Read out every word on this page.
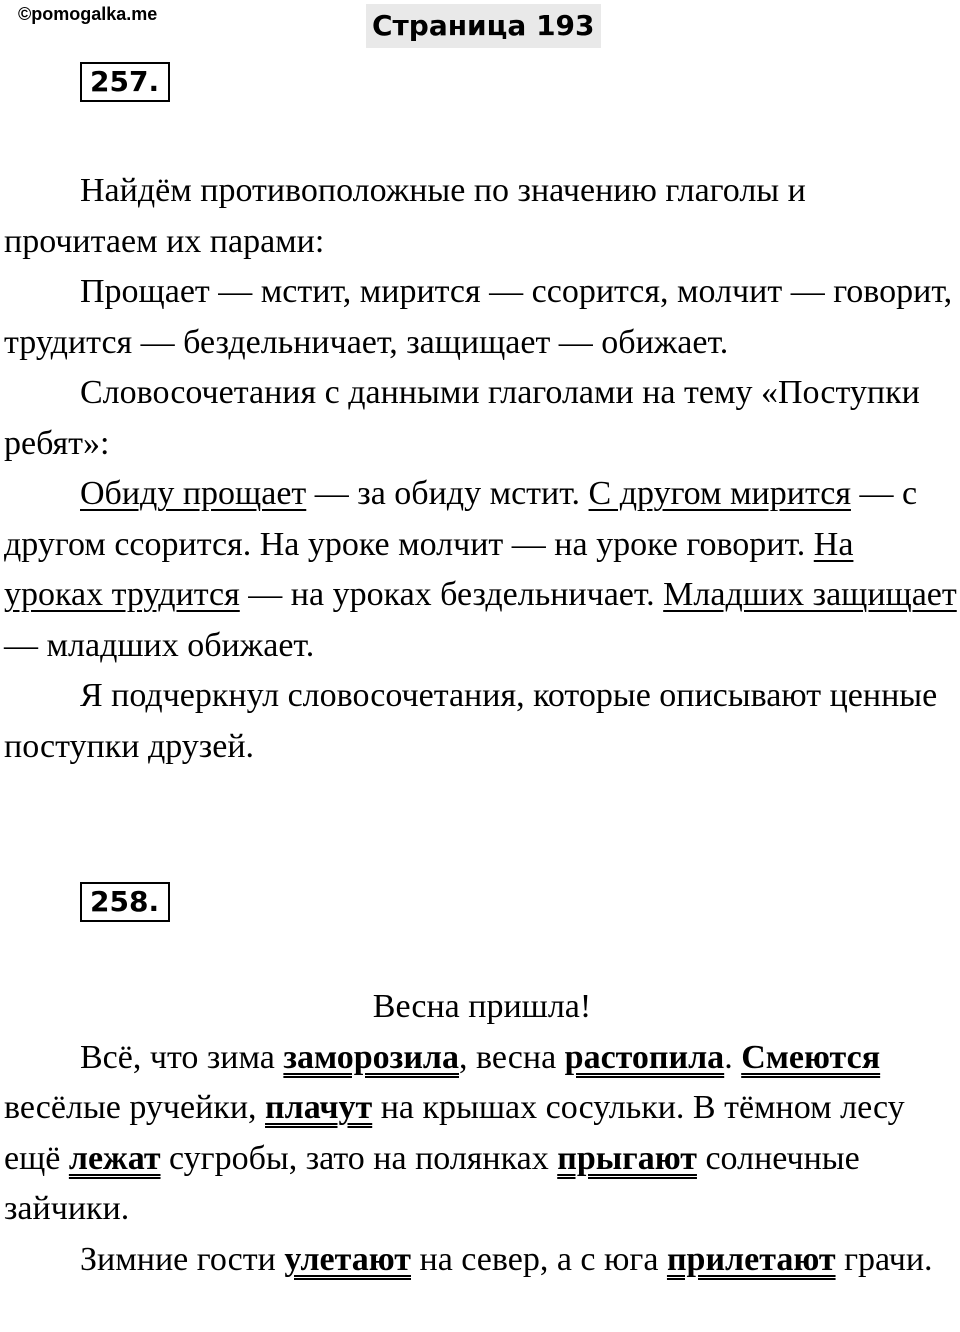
©pomogalka.me	Страница 193
257.

Найдём противоположные по значению глаголы и прочитаем их парами:

Прощает — мстит, мирится — ссорится, молчит — говорит, трудится — бездельничает, защищает — обижает.

Словосочетания с данными глаголами на тему «Поступки ребят»:

Обиду прощает — за обиду мстит. С другом мирится — с другом ссорится. На уроке молчит — на уроке говорит. На уроках трудится — на уроках бездельничает. Младших защищает — младших обижает.

Я подчеркнул словосочетания, которые описывают ценные поступки друзей.

258.

Весна пришла!

Всё, что зима заморозила, весна растопила. Смеются весёлые ручейки, плачут на крышах сосульки. В тёмном лесу ещё лежат сугробы, зато на полянках прыгают солнечные зайчики.

Зимние гости улетают на север, а с юга прилетают грачи.
